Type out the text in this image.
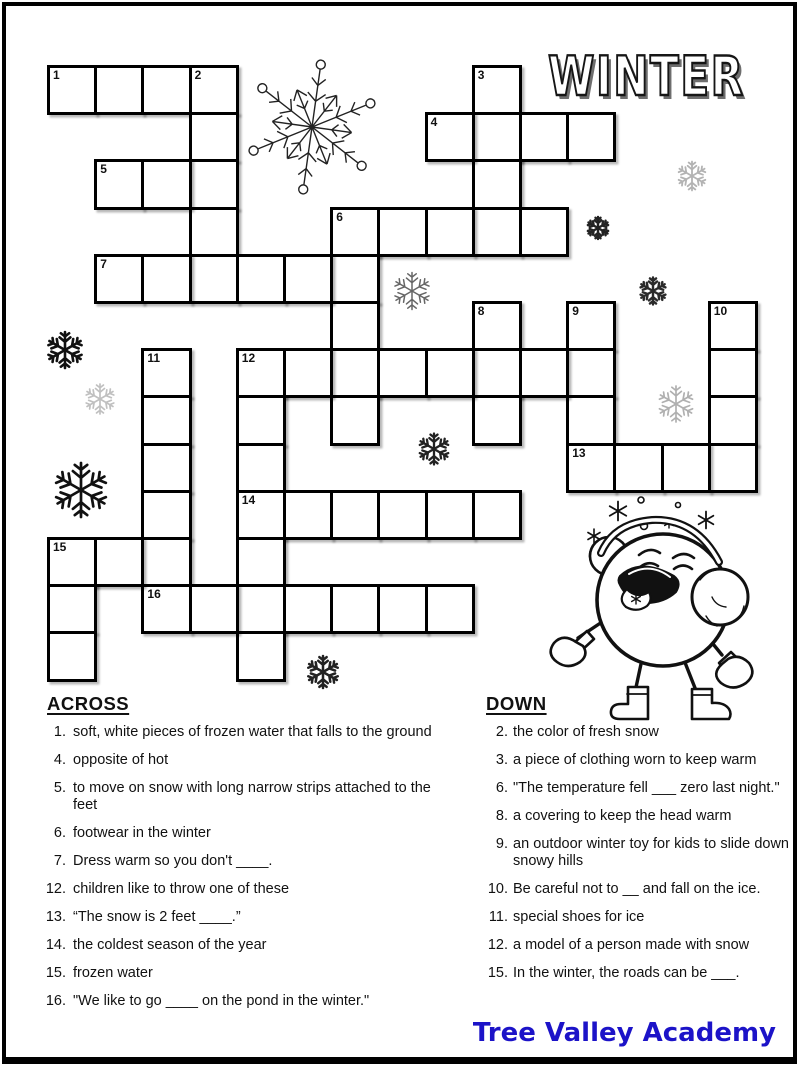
WINTER
1	2	3
4
5
6
7
8	9
13
10
11
16
12
14
15
ACROSS
1. soft, white pieces of frozen water that falls to the ground
4. opposite of hot
5. to move on snow with long narrow strips attached to the feet
6. footwear in the winter
7. Dress warm so you don't ____.
12. children like to throw one of these
13. “The snow is 2 feet ____.”
14. the coldest season of the year
15. frozen water
16. "We like to go ____ on the pond in the winter."
DOWN
2. the color of fresh snow
3. a piece of clothing worn to keep warm
6. "The temperature fell ___ zero last night."
8. a covering to keep the head warm
9. an outdoor winter toy for kids to slide down snowy hills
10. Be careful not to __ and fall on the ice.
11. special shoes for ice
12. a model of a person made with snow
15. In the winter, the roads can be ___.
Tree Valley Academy
